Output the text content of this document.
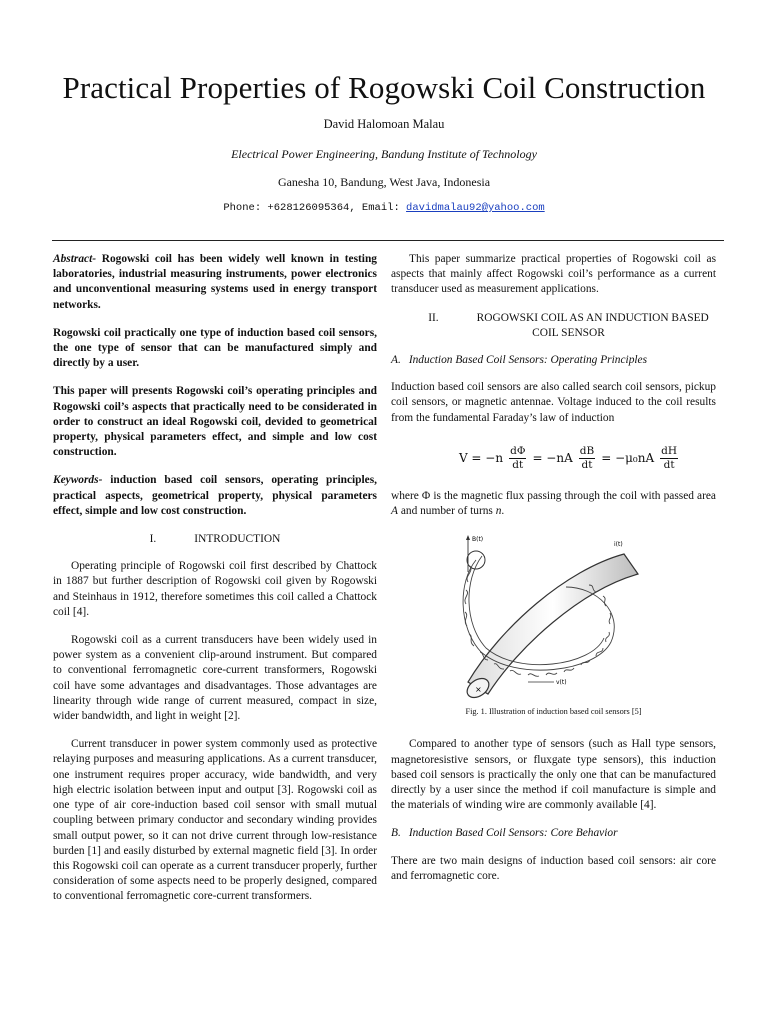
Practical Properties of Rogowski Coil Construction
David Halomoan Malau
Electrical Power Engineering, Bandung Institute of Technology
Ganesha 10, Bandung, West Java, Indonesia
Phone: +628126095364, Email: davidmalau92@yahoo.com

Abstract- Rogowski coil has been widely well known in testing laboratories, industrial measuring instruments, power electronics and unconventional measuring systems used in energy transport networks.

Rogowski coil practically one type of induction based coil sensors, the one type of sensor that can be manufactured simply and directly by a user.

This paper will presents Rogowski coil’s operating principles and Rogowski coil’s aspects that practically need to be considerated in order to construct an ideal Rogowski coil, devided to geometrical property, physical parameters effect, and simple and low cost construction.

Keywords- induction based coil sensors, operating principles, practical aspects, geometrical property, physical parameters effect, simple and low cost construction.

I.	INTRODUCTION

Operating principle of Rogowski coil first described by Chattock in 1887 but further description of Rogowski coil given by Rogowski and Steinhaus in 1912, therefore sometimes this coil called a Chattock coil [4].

Rogowski coil as a current transducers have been widely used in power system as a convenient clip-around instrument. But compared to conventional ferromagnetic core-current transformers, Rogowski coil have some advantages and disadvantages. Those advantages are linearity through wide range of current measured, compact in size, wider bandwidth, and light in weight [2].

Current transducer in power system commonly used as protective relaying purposes and measuring applications. As a current transducer, one instrument requires proper accuracy, wide bandwidth, and very high electric isolation between input and output [3]. Rogowski coil as one type of air core-induction based coil sensor with small mutual coupling between primary conductor and secondary winding provides small output power, so it can not drive current through low-resistance burden [1] and easily disturbed by external magnetic field [3]. In order this Rogowski coil can operate as a current transducer properly, further consideration of some aspects need to be properly designed, compared to conventional ferromagnetic core-current transformers.

This paper summarize practical properties of Rogowski coil as aspects that mainly affect Rogowski coil’s performance as a current transducer used as measurement applications.

II.	ROGOWSKI COIL AS AN INDUCTION BASED COIL SENSOR
A. Induction Based Coil Sensors: Operating Principles

Induction based coil sensors are also called search coil sensors, pickup coil sensors, or magnetic antennae. Voltage induced to the coil results from the fundamental Faraday’s law of induction

$V = -n \frac{d\Phi}{dt} = -nA \frac{dB}{dt} = -\mu_0nA \frac{dH}{dt}$

where Φ is the magnetic flux passing through the coil with passed area A and number of turns n.

×
B(t)
i(t)
v(t)
Fig. 1. Illustration of induction based coil sensors [5]

Compared to another type of sensors (such as Hall type sensors, magnetoresistive sensors, or fluxgate type sensors), this induction based coil sensors is practically the only one that can be manufactured directly by a user since the method if coil manufacture is simple and the materials of winding wire are commonly available [4].

B. Induction Based Coil Sensors: Core Behavior

There are two main designs of induction based coil sensors: air core and ferromagnetic core.
